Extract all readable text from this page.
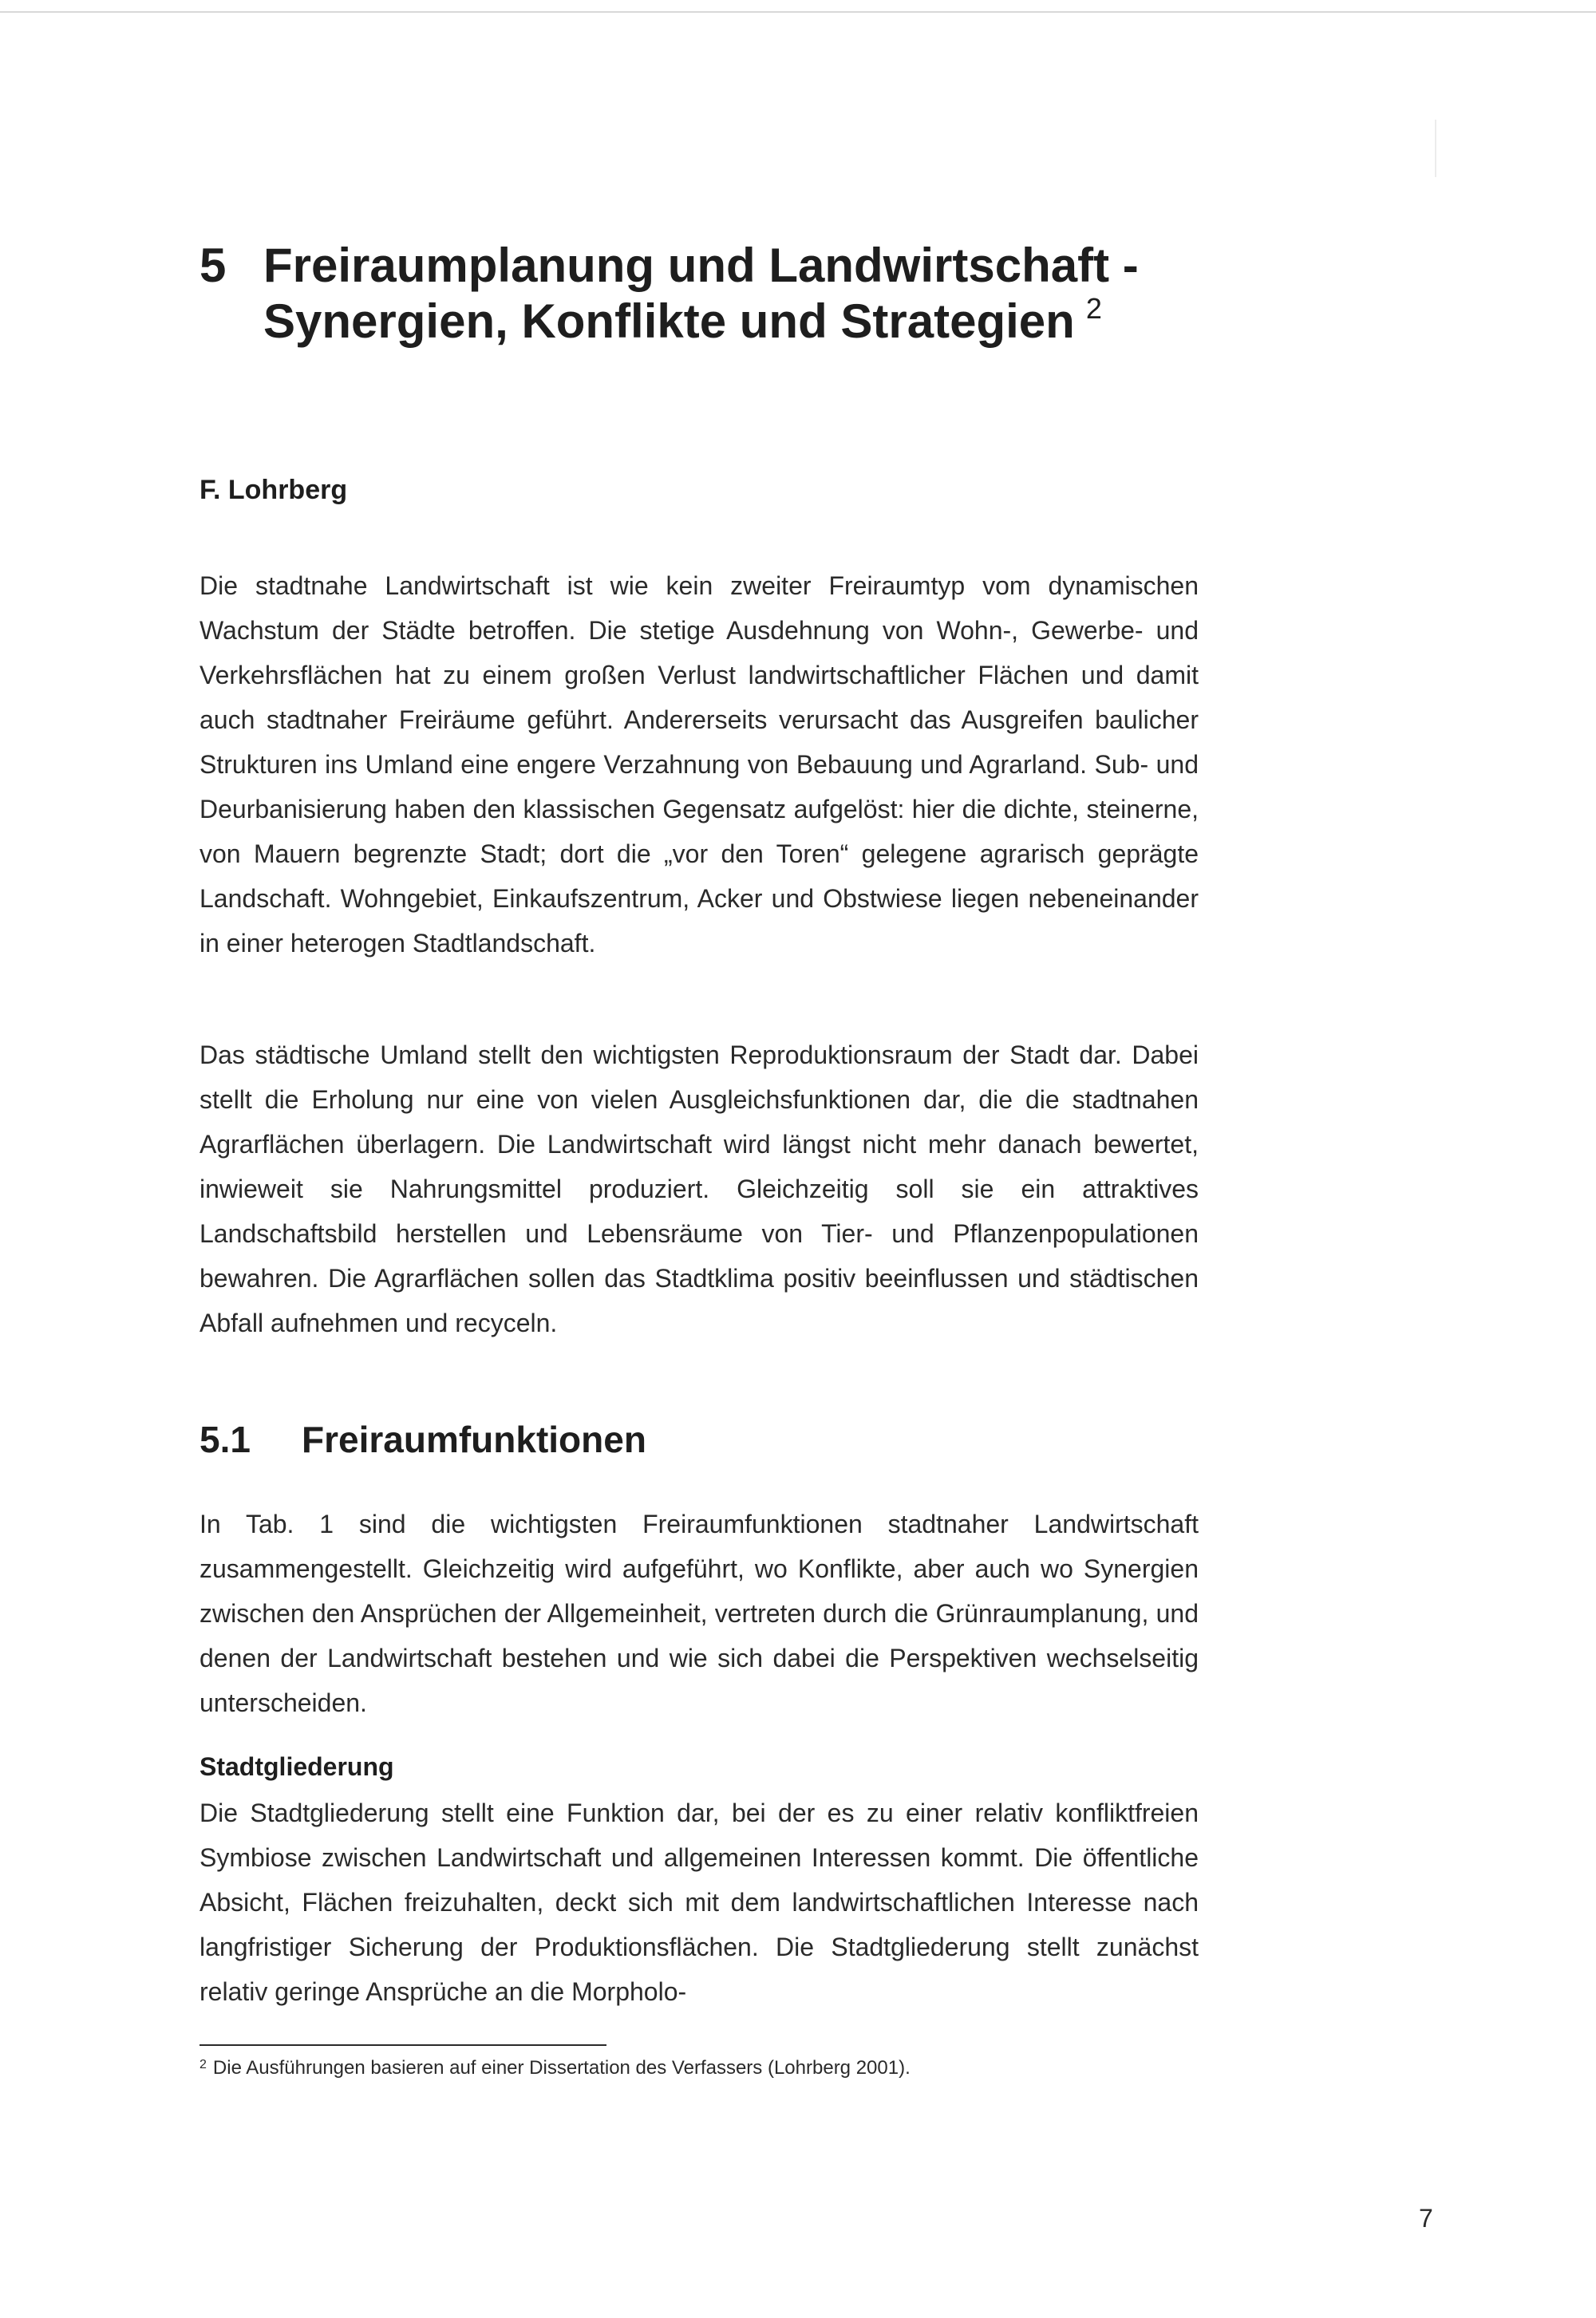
5 Freiraumplanung und Landwirtschaft -
Synergien, Konflikte und Strategien $^2$
F. Lohrberg

Die stadtnahe Landwirtschaft ist wie kein zweiter Freiraumtyp vom dynamischen Wachstum der Städte betroffen. Die stetige Ausdehnung von Wohn-, Gewerbe- und Verkehrsflächen hat zu einem großen Verlust landwirtschaftlicher Flächen und damit auch stadtnaher Freiräume geführt. Andererseits verursacht das Ausgreifen baulicher Strukturen ins Umland eine engere Verzahnung von Bebauung und Agrarland. Sub- und Deurbanisierung haben den klassischen Gegensatz aufgelöst: hier die dichte, steinerne, von Mauern begrenzte Stadt; dort die „vor den Toren“ gelegene agrarisch geprägte Landschaft. Wohngebiet, Einkaufszentrum, Acker und Obstwiese liegen nebeneinander in einer heterogen Stadtlandschaft.

Das städtische Umland stellt den wichtigsten Reproduktionsraum der Stadt dar. Dabei stellt die Erholung nur eine von vielen Ausgleichsfunktionen dar, die die stadtnahen Agrarflächen überlagern. Die Landwirtschaft wird längst nicht mehr danach bewertet, inwieweit sie Nahrungsmittel produziert. Gleichzeitig soll sie ein attraktives Landschaftsbild herstellen und Lebensräume von Tier- und Pflanzenpopulationen bewahren. Die Agrarflächen sollen das Stadtklima positiv beeinflussen und städtischen Abfall aufnehmen und recyceln.

5.1 Freiraumfunktionen

In Tab. 1 sind die wichtigsten Freiraumfunktionen stadtnaher Landwirtschaft zusammengestellt. Gleichzeitig wird aufgeführt, wo Konflikte, aber auch wo Synergien zwischen den Ansprüchen der Allgemeinheit, vertreten durch die Grünraumplanung, und denen der Landwirtschaft bestehen und wie sich dabei die Perspektiven wechselseitig unterscheiden.

Stadtgliederung

Die Stadtgliederung stellt eine Funktion dar, bei der es zu einer relativ konfliktfreien Symbiose zwischen Landwirtschaft und allgemeinen Interessen kommt. Die öffentliche Absicht, Flächen freizuhalten, deckt sich mit dem landwirtschaftlichen Interesse nach langfristiger Sicherung der Produktionsflächen. Die Stadtgliederung stellt zunächst relativ geringe Ansprüche an die Morpholo-

$^2$ Die Ausführungen basieren auf einer Dissertation des Verfassers (Lohrberg 2001).
7
